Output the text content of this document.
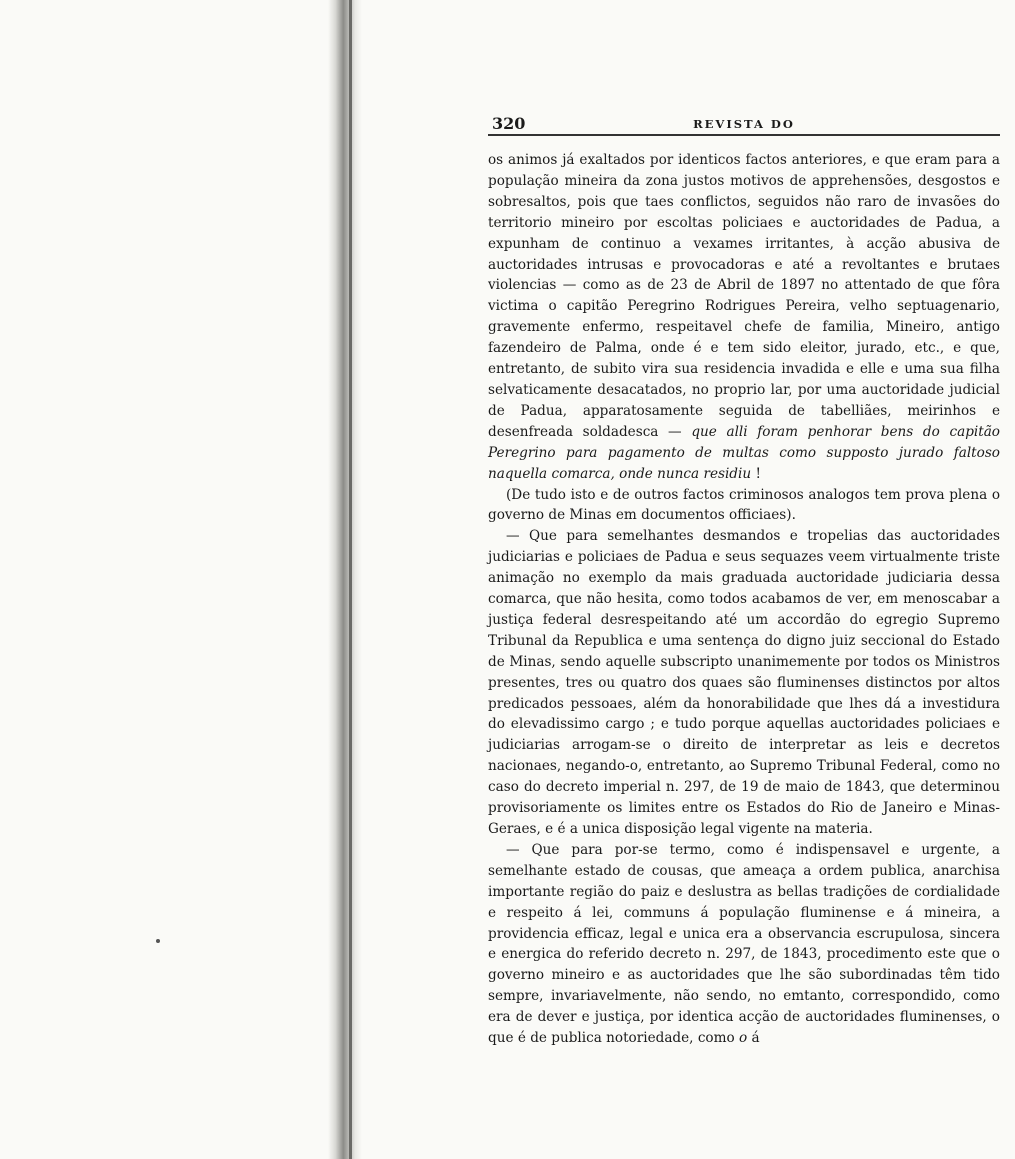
320	REVISTA DO

os animos já exaltados por identicos factos anteriores, e que eram para a população mineira da zona justos motivos de apprehensões, desgostos e sobresaltos, pois que taes conflictos, seguidos não raro de invasões do territorio mineiro por escoltas policiaes e auctoridades de Padua, a expunham de continuo a vexames irritantes, à acção abusiva de auctoridades intrusas e provocadoras e até a revoltantes e brutaes violencias — como as de 23 de Abril de 1897 no attentado de que fôra victima o capitão Peregrino Rodrigues Pereira, velho septuagenario, gravemente enfermo, respeitavel chefe de familia, Mineiro, antigo fazendeiro de Palma, onde é e tem sido eleitor, jurado, etc., e que, entretanto, de subito vira sua residencia invadida e elle e uma sua filha selvaticamente desacatados, no proprio lar, por uma auctoridade judicial de Padua, apparatosamente seguida de tabelliães, meirinhos e desenfreada soldadesca — que alli foram penhorar bens do capitão Peregrino para pagamento de multas como supposto jurado faltoso naquella comarca, onde nunca residiu !

(De tudo isto e de outros factos criminosos analogos tem prova plena o governo de Minas em documentos officiaes).

— Que para semelhantes desmandos e tropelias das auctoridades judiciarias e policiaes de Padua e seus sequazes veem virtualmente triste animação no exemplo da mais graduada auctoridade judiciaria dessa comarca, que não hesita, como todos acabamos de ver, em menoscabar a justiça federal desrespeitando até um accordão do egregio Supremo Tribunal da Republica e uma sentença do digno juiz seccional do Estado de Minas, sendo aquelle subscripto unanimemente por todos os Ministros presentes, tres ou quatro dos quaes são fluminenses distinctos por altos predicados pessoaes, além da honorabilidade que lhes dá a investidura do elevadissimo cargo ; e tudo porque aquellas auctoridades policiaes e judiciarias arrogam-se o direito de interpretar as leis e decretos nacionaes, negando-o, entretanto, ao Supremo Tribunal Federal, como no caso do decreto imperial n. 297, de 19 de maio de 1843, que determinou provisoriamente os limites entre os Estados do Rio de Janeiro e Minas-Geraes, e é a unica disposição legal vigente na materia.

— Que para por-se termo, como é indispensavel e urgente, a semelhante estado de cousas, que ameaça a ordem publica, anarchisa importante região do paiz e deslustra as bellas tradições de cordialidade e respeito á lei, communs á população fluminense e á mineira, a providencia efficaz, legal e unica era a observancia escrupulosa, sincera e energica do referido decreto n. 297, de 1843, procedimento este que o governo mineiro e as auctoridades que lhe são subordinadas têm tido sempre, invariavelmente, não sendo, no emtanto, correspondido, como era de dever e justiça, por identica acção de auctoridades fluminenses, o que é de publica notoriedade, como o á
